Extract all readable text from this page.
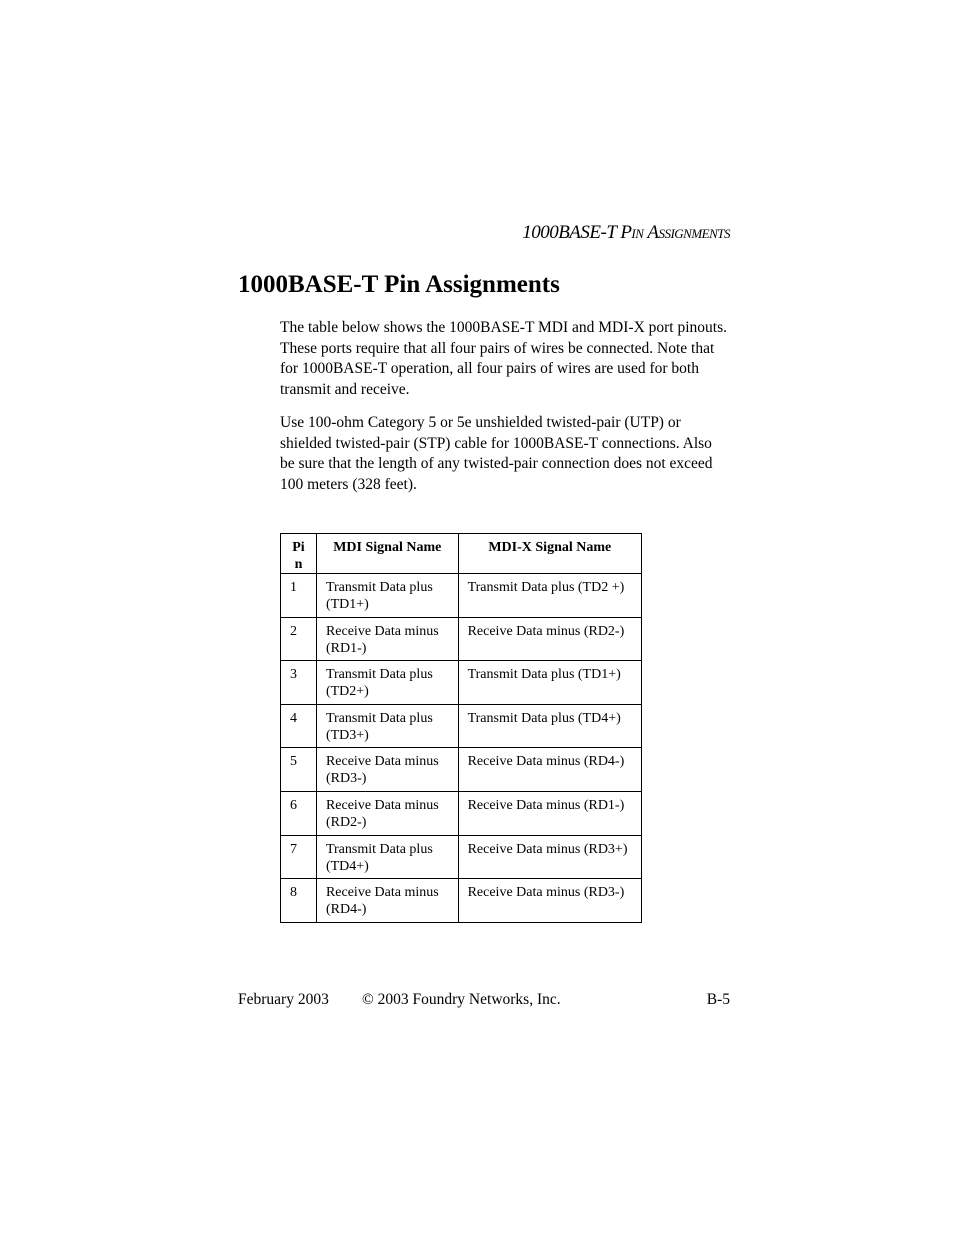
1000BASE-T Pin Assignments
1000BASE-T Pin Assignments

The table below shows the 1000BASE-T MDI and MDI-X port pinouts. These ports require that all four pairs of wires be connected. Note that for 1000BASE-T operation, all four pairs of wires are used for both transmit and receive.

Use 100-ohm Category 5 or 5e unshielded twisted-pair (UTP) or shielded twisted-pair (STP) cable for 1000BASE-T connections. Also be sure that the length of any twisted-pair connection does not exceed 100 meters (328 feet).

Pin	MDI Signal Name	MDI-X Signal Name
1	Transmit Data plus (TD1+)	Transmit Data plus (TD2 +)
2	Receive Data minus (RD1-)	Receive Data minus (RD2-)
3	Transmit Data plus (TD2+)	Transmit Data plus (TD1+)
4	Transmit Data plus (TD3+)	Transmit Data plus (TD4+)
5	Receive Data minus (RD3-)	Receive Data minus (RD4-)
6	Receive Data minus (RD2-)	Receive Data minus (RD1-)
7	Transmit Data plus (TD4+)	Receive Data minus (RD3+)
8	Receive Data minus (RD4-)	Receive Data minus (RD3-)
February 2003 © 2003 Foundry Networks, Inc.	B-5
